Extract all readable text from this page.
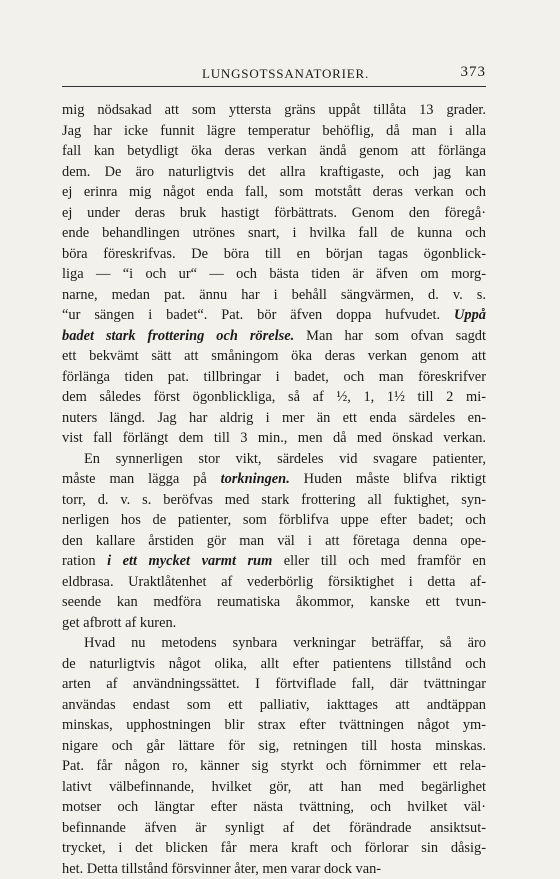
LUNGSOTSSANATORIER.	373
mig nödsakad att som yttersta gräns uppåt tillåta 13 grader.
Jag har icke funnit lägre temperatur behöflig, då man i alla
fall kan betydligt öka deras verkan ändå genom att förlänga
dem. De äro naturligtvis det allra kraftigaste, och jag kan
ej erinra mig något enda fall, som motstått deras verkan och
ej under deras bruk hastigt förbättrats. Genom den föregå·
ende behandlingen utrönes snart, i hvilka fall de kunna och
böra föreskrifvas. De böra till en början tagas ögonblick-
liga — “i och ur“ — och bästa tiden är äfven om morg-
narne, medan pat. ännu har i behåll sängvärmen, d. v. s.
“ur sängen i badet“. Pat. bör äfven doppa hufvudet. Uppå
badet stark frottering och rörelse. Man har som ofvan sagdt
ett bekvämt sätt att småningom öka deras verkan genom att
förlänga tiden pat. tillbringar i badet, och man föreskrifver
dem således först ögonblickliga, så af ½, 1, 1½ till 2 mi-
nuters längd. Jag har aldrig i mer än ett enda särdeles en-
vist fall förlängt dem till 3 min., men då med önskad verkan.
En synnerligen stor vikt, särdeles vid svagare patienter,
måste man lägga på torkningen. Huden måste blifva riktigt
torr, d. v. s. beröfvas med stark frottering all fuktighet, syn-
nerligen hos de patienter, som förblifva uppe efter badet; och
den kallare årstiden gör man väl i att företaga denna ope-
ration i ett mycket varmt rum eller till och med framför en
eldbrasa. Uraktlåtenhet af vederbörlig försiktighet i detta af-
seende kan medföra reumatiska åkommor, kanske ett tvun-
get afbrott af kuren.
Hvad nu metodens synbara verkningar beträffar, så äro
de naturligtvis något olika, allt efter patientens tillstånd och
arten af användningssättet. I förtviflade fall, där tvättningar
användas endast som ett palliativ, iakttages att andtäppan
minskas, upphostningen blir strax efter tvättningen något ym-
nigare och går lättare för sig, retningen till hosta minskas.
Pat. får någon ro, känner sig styrkt och förnimmer ett rela-
lativt välbefinnande, hvilket gör, att han med begärlighet
motser och längtar efter nästa tvättning, och hvilket väl·
befinnande äfven är synligt af det förändrade ansiktsut-
trycket, i det blicken får mera kraft och förlorar sin dåsig-
het. Detta tillstånd försvinner åter, men varar dock van-
